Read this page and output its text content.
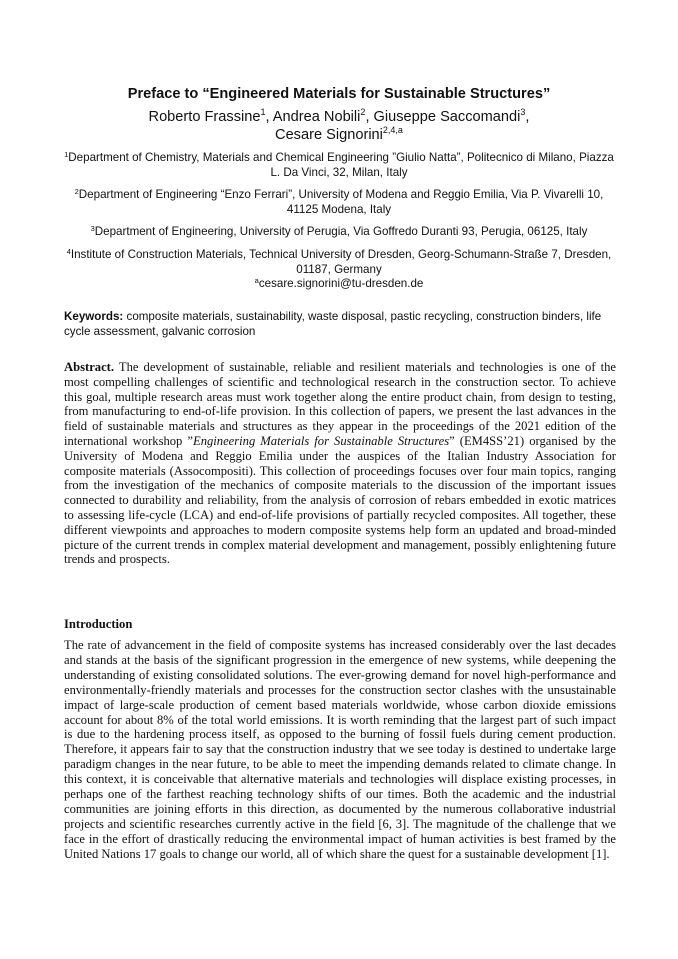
Preface to “Engineered Materials for Sustainable Structures”
Roberto Frassine$^1$, Andrea Nobili$^2$, Giuseppe Saccomandi$^3$,
Cesare Signorini$^{2,4,a}$
$^1$Department of Chemistry, Materials and Chemical Engineering ”Giulio Natta”, Politecnico di Milano, Piazza L. Da Vinci, 32, Milan, Italy
$^2$Department of Engineering “Enzo Ferrari”, University of Modena and Reggio Emilia, Via P. Vivarelli 10, 41125 Modena, Italy
$^3$Department of Engineering, University of Perugia, Via Goffredo Duranti 93, Perugia, 06125, Italy
$^4$Institute of Construction Materials, Technical University of Dresden, Georg-Schumann-Straße 7, Dresden, 01187, Germany
$^a$cesare.signorini@tu-dresden.de
Keywords: composite materials, sustainability, waste disposal, pastic recycling, construction binders, life cycle assessment, galvanic corrosion
Abstract. The development of sustainable, reliable and resilient materials and technologies is one of the most compelling challenges of scientific and technological research in the construction sector. To achieve this goal, multiple research areas must work together along the entire product chain, from design to testing, from manufacturing to end-of-life provision. In this collection of papers, we present the last advances in the field of sustainable materials and structures as they appear in the proceedings of the 2021 edition of the international workshop ”Engineering Materials for Sustainable Structures” (EM4SS’21) organised by the University of Modena and Reggio Emilia under the auspices of the Italian Industry Association for composite materials (Assocompositi). This collection of proceedings focuses over four main topics, ranging from the investigation of the mechanics of composite materials to the discussion of the important issues connected to durability and reliability, from the analysis of corrosion of rebars embedded in exotic matrices to assessing life-cycle (LCA) and end-of-life provisions of partially recycled composites. All together, these different viewpoints and approaches to modern composite systems help form an updated and broad-minded picture of the current trends in complex material development and management, possibly enlightening future trends and prospects.
Introduction
The rate of advancement in the field of composite systems has increased considerably over the last decades and stands at the basis of the significant progression in the emergence of new systems, while deepening the understanding of existing consolidated solutions. The ever-growing demand for novel high-performance and environmentally-friendly materials and processes for the construction sector clashes with the unsustainable impact of large-scale production of cement based materials worldwide, whose carbon dioxide emissions account for about 8% of the total world emissions. It is worth reminding that the largest part of such impact is due to the hardening process itself, as opposed to the burning of fossil fuels during cement production. Therefore, it appears fair to say that the construction industry that we see today is destined to undertake large paradigm changes in the near future, to be able to meet the impending demands related to climate change. In this context, it is conceivable that alternative materials and technologies will displace existing processes, in perhaps one of the farthest reaching technology shifts of our times. Both the academic and the industrial communities are joining efforts in this direction, as documented by the numerous collaborative industrial projects and scientific researches currently active in the field [6, 3]. The magnitude of the challenge that we face in the effort of drastically reducing the environmental impact of human activities is best framed by the United Nations 17 goals to change our world, all of which share the quest for a sustainable development [1].
